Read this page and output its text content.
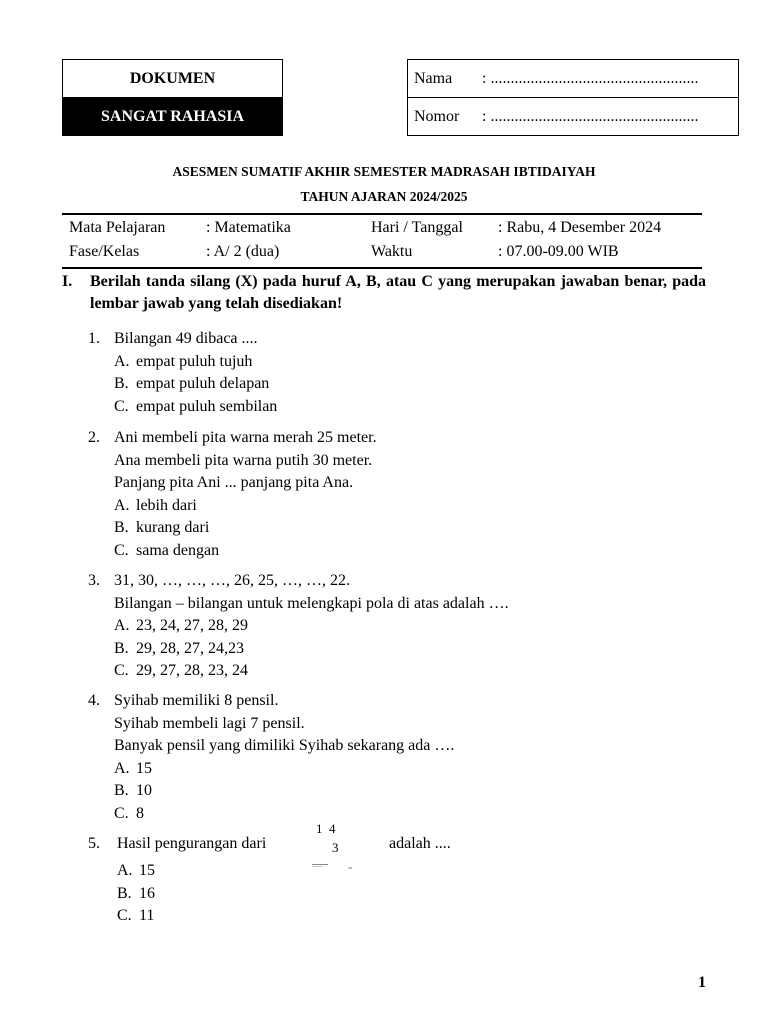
DOKUMEN
SANGAT RAHASIA
Nama	: ....................................................
Nomor	: ....................................................
ASESMEN SUMATIF AKHIR SEMESTER MADRASAH IBTIDAIYAH
TAHUN AJARAN 2024/2025
Mata Pelajaran	: Matematika	Hari / Tanggal : Rabu, 4 Desember 2024
Fase/Kelas	: A/ 2 (dua)	Waktu	: 07.00-09.00 WIB
I. Berilah tanda silang (X) pada huruf A, B, atau C yang merupakan jawaban benar, pada lembar jawab yang telah disediakan!
1. Bilangan 49 dibaca ....
A. empat puluh tujuh
B. empat puluh delapan
C. empat puluh sembilan
2. Ani membeli pita warna merah 25 meter.
Ana membeli pita warna putih 30 meter.
Panjang pita Ani ... panjang pita Ana.
A. lebih dari
B. kurang dari
C. sama dengan
3. 31, 30, …, …, …, 26, 25, …, …, 22.
Bilangan – bilangan untuk melengkapi pola di atas adalah ….
A. 23, 24, 27, 28, 29
B. 29, 28, 27, 24,23
C. 29, 27, 28, 23, 24
4. Syihab memiliki 8 pensil.
Syihab membeli lagi 7 pensil.
Banyak pensil yang dimiliki Syihab sekarang ada ….
A. 15
B. 10
C. 8
5.	Hasil pengurangan dari	adalah ....
1  4
3
..... -
A. 15
B. 16
C. 11
1
